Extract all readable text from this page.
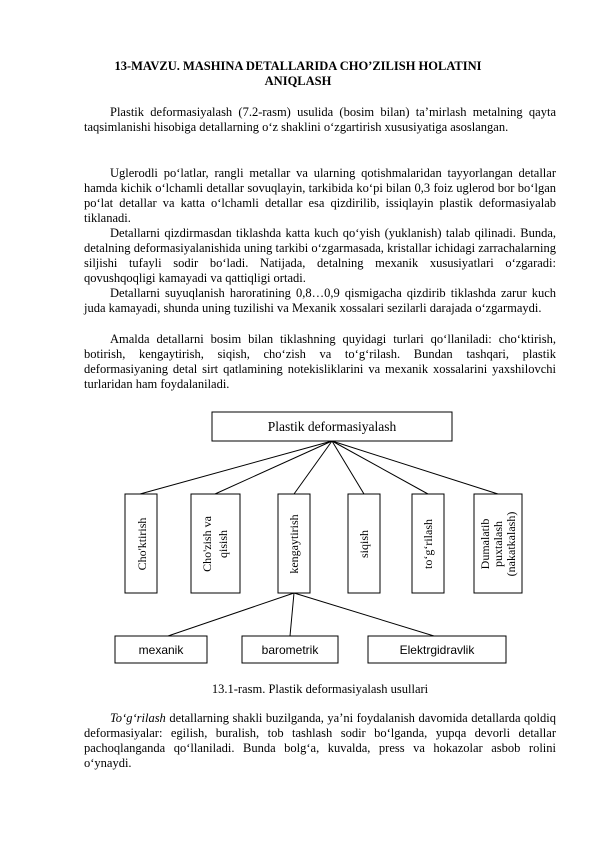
13-MAVZU. MASHINA DETALLARIDA CHO’ZILISH HOLATINI
ANIQLASH

Plastik deformasiyalash (7.2-rasm) usulida (bosim bilan) ta’mirlash metalning qayta taqsimlanishi hisobiga detallarning o‘z shaklini o‘zgartirish xususiyatiga asoslangan.

Uglerodli po‘latlar, rangli metallar va ularning qotishmalaridan tayyorlangan detallar hamda kichik o‘lchamli detallar sovuqlayin, tarkibida ko‘pi bilan 0,3 foiz uglerod bor bo‘lgan po‘lat detallar va katta o‘lchamli detallar esa qizdirilib, issiqlayin plastik deformasiyalab tiklanadi.

Detallarni qizdirmasdan tiklashda katta kuch qo‘yish (yuklanish) talab qilinadi. Bunda, detalning deformasiyalanishida uning tarkibi o‘zgarmasada, kristallar ichidagi zarrachalarning siljishi tufayli sodir bo‘ladi. Natijada, detalning mexanik xususiyatlari o‘zgaradi: qovushqoqligi kamayadi va qattiqligi ortadi.

Detallarni suyuqlanish haroratining 0,8…0,9 qismigacha qizdirib tiklashda zarur kuch juda kamayadi, shunda uning tuzilishi va Mexanik xossalari sezilarli darajada o‘zgarmaydi.

Amalda detallarni bosim bilan tiklashning quyidagi turlari qo‘llaniladi: cho‘ktirish, botirish, kengaytirish, siqish, cho‘zish va to‘g‘rilash. Bundan tashqari, plastik deformasiyaning detal sirt qatlamining notekisliklarini va mexanik xossalarini yaxshilovchi turlaridan ham foydalaniladi.

Plastik deformasiyalash
Cho'ktirish	Cho'zish va qisish	kengaytirish	siqish	to‘g‘rilash	Dumalatib puxtalash (nakatkalash)
mexanik	barometrik	Elektrgidravlik
13.1-rasm. Plastik deformasiyalash usullari

To‘g‘rilash detallarning shakli buzilganda, ya’ni foydalanish davomida detallarda qoldiq deformasiyalar: egilish, buralish, tob tashlash sodir bo‘lganda, yupqa devorli detallar pachoqlanganda qo‘llaniladi. Bunda bolg‘a, kuvalda, press va hokazolar asbob rolini o‘ynaydi.
